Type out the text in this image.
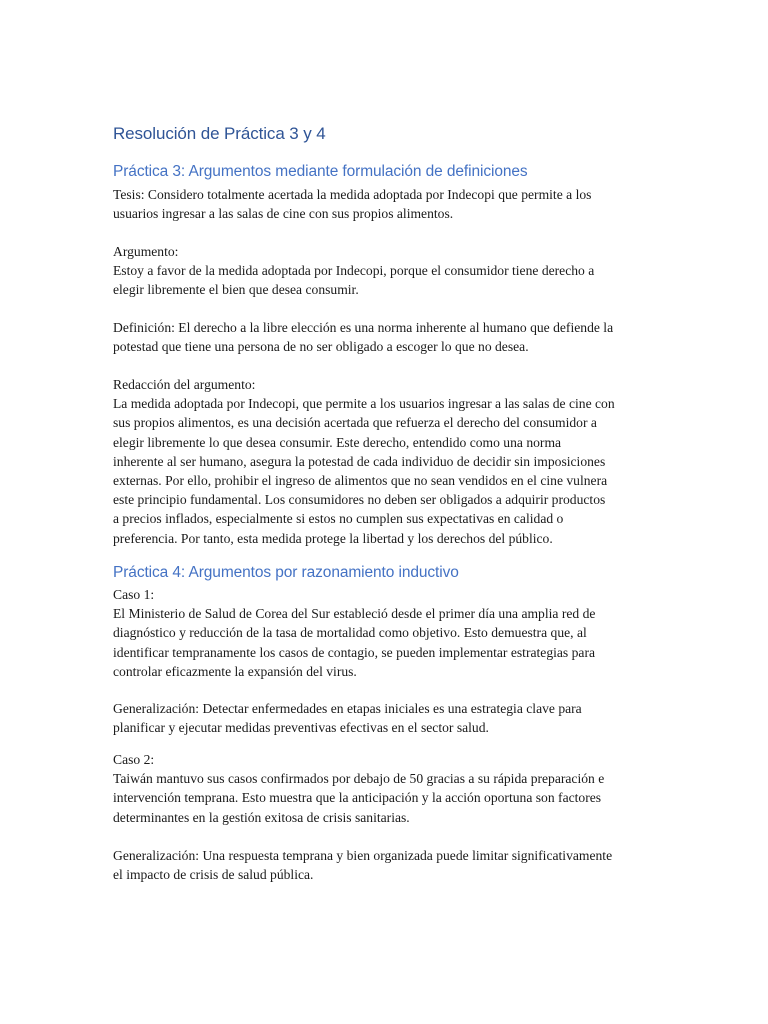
Resolución de Práctica 3 y 4
Práctica 3: Argumentos mediante formulación de definiciones
Tesis: Considero totalmente acertada la medida adoptada por Indecopi que permite a los
usuarios ingresar a las salas de cine con sus propios alimentos.
Argumento:
Estoy a favor de la medida adoptada por Indecopi, porque el consumidor tiene derecho a
elegir libremente el bien que desea consumir.
Definición: El derecho a la libre elección es una norma inherente al humano que defiende la
potestad que tiene una persona de no ser obligado a escoger lo que no desea.
Redacción del argumento:
La medida adoptada por Indecopi, que permite a los usuarios ingresar a las salas de cine con
sus propios alimentos, es una decisión acertada que refuerza el derecho del consumidor a
elegir libremente lo que desea consumir. Este derecho, entendido como una norma
inherente al ser humano, asegura la potestad de cada individuo de decidir sin imposiciones
externas. Por ello, prohibir el ingreso de alimentos que no sean vendidos en el cine vulnera
este principio fundamental. Los consumidores no deben ser obligados a adquirir productos
a precios inflados, especialmente si estos no cumplen sus expectativas en calidad o
preferencia. Por tanto, esta medida protege la libertad y los derechos del público.
Práctica 4: Argumentos por razonamiento inductivo
Caso 1:
El Ministerio de Salud de Corea del Sur estableció desde el primer día una amplia red de
diagnóstico y reducción de la tasa de mortalidad como objetivo. Esto demuestra que, al
identificar tempranamente los casos de contagio, se pueden implementar estrategias para
controlar eficazmente la expansión del virus.
Generalización: Detectar enfermedades en etapas iniciales es una estrategia clave para
planificar y ejecutar medidas preventivas efectivas en el sector salud.
Caso 2:
Taiwán mantuvo sus casos confirmados por debajo de 50 gracias a su rápida preparación e
intervención temprana. Esto muestra que la anticipación y la acción oportuna son factores
determinantes en la gestión exitosa de crisis sanitarias.
Generalización: Una respuesta temprana y bien organizada puede limitar significativamente
el impacto de crisis de salud pública.
